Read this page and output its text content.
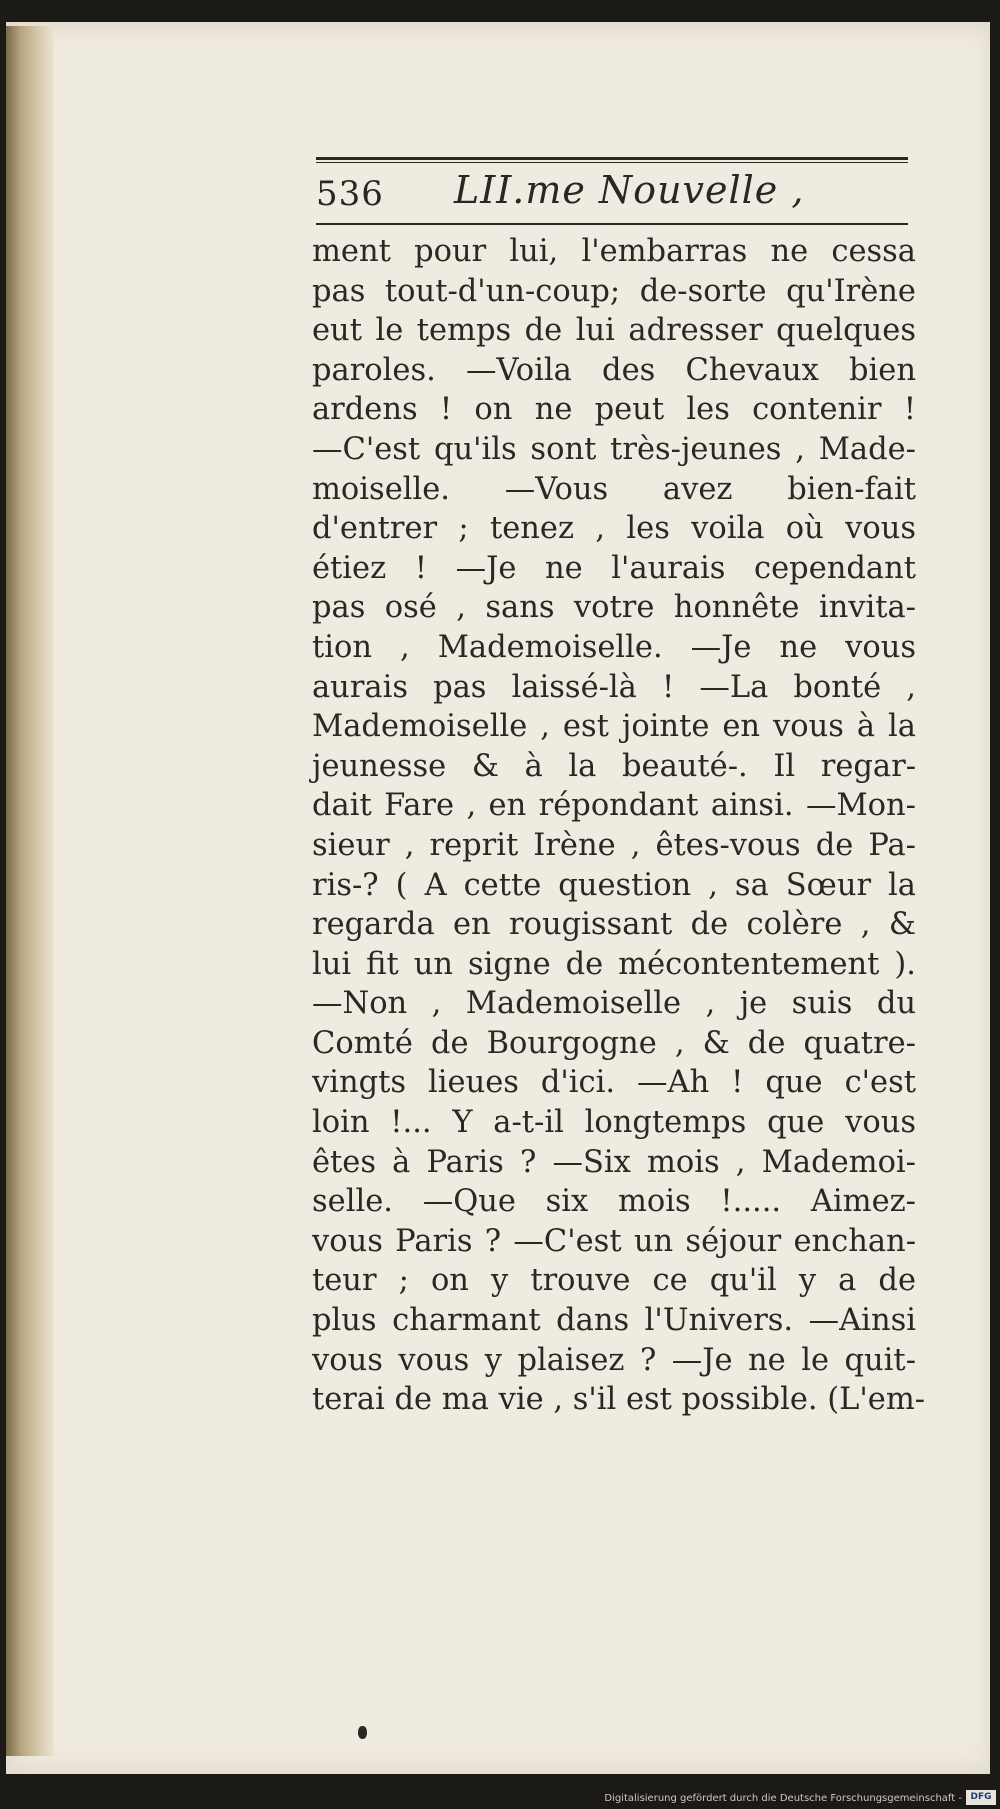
536 LII.me Nouvelle ,
ment pour lui, l'embarras ne cessa
pas tout-d'un-coup; de-sorte qu'Irène
eut le temps de lui adresser quelques
paroles. —Voila des Chevaux bien
ardens ! on ne peut les contenir !
—C'est qu'ils sont très-jeunes , Made-
moiselle. —Vous avez bien-fait
d'entrer ; tenez , les voila où vous
étiez ! —Je ne l'aurais cependant
pas osé , sans votre honnête invita-
tion , Mademoiselle. —Je ne vous
aurais pas laissé-là ! —La bonté ,
Mademoiselle , est jointe en vous à la
jeunesse & à la beauté-. Il regar-
dait Fare , en répondant ainsi. —Mon-
sieur , reprit Irène , êtes-vous de Pa-
ris-? ( A cette question , sa Sœur la
regarda en rougissant de colère , &
lui fit un signe de mécontentement ).
—Non , Mademoiselle , je suis du
Comté de Bourgogne , & de quatre-
vingts lieues d'ici. —Ah ! que c'est
loin !... Y a-t-il longtemps que vous
êtes à Paris ? —Six mois , Mademoi-
selle. —Que six mois !..... Aimez-
vous Paris ? —C'est un séjour enchan-
teur ; on y trouve ce qu'il y a de
plus charmant dans l'Univers. —Ainsi
vous vous y plaisez ? —Je ne le quit-
terai de ma vie , s'il est possible. (L'em-
Digitalisierung gefördert durch die Deutsche Forschungsgemeinschaft - DFG
